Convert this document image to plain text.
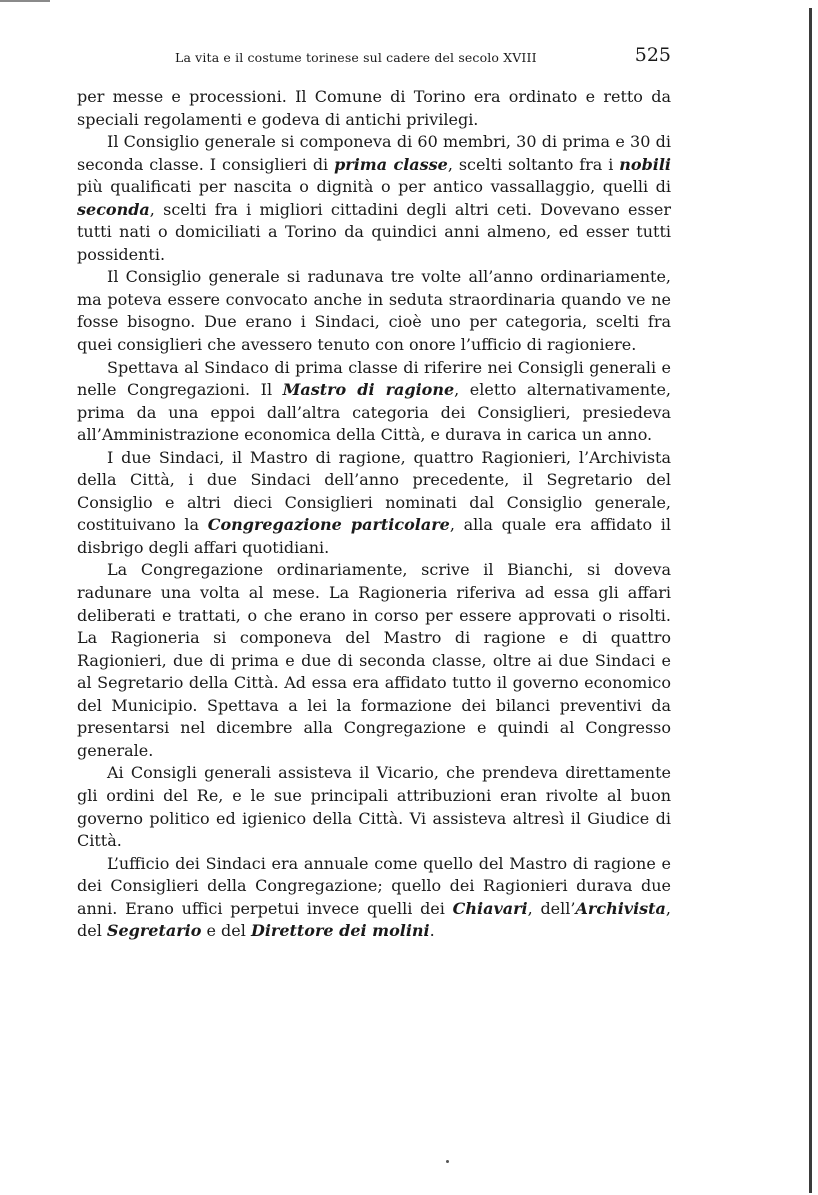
La vita e il costume torinese sul cadere del secolo XVIII	525

per messe e processioni. Il Comune di Torino era ordinato e retto da speciali regolamenti e godeva di antichi privilegi.

Il Consiglio generale si componeva di 60 membri, 30 di prima e 30 di seconda classe. I consiglieri di prima classe, scelti soltanto fra i nobili più qualificati per nascita o dignità o per antico vassallaggio, quelli di seconda, scelti fra i migliori cittadini degli altri ceti. Dovevano esser tutti nati o domiciliati a Torino da quindici anni almeno, ed esser tutti possidenti.

Il Consiglio generale si radunava tre volte all’anno ordinariamente, ma poteva essere convocato anche in seduta straordinaria quando ve ne fosse bisogno. Due erano i Sindaci, cioè uno per categoria, scelti fra quei consiglieri che avessero tenuto con onore l’ufficio di ragioniere.

Spettava al Sindaco di prima classe di riferire nei Consigli generali e nelle Congregazioni. Il Mastro di ragione, eletto alternativamente, prima da una eppoi dall’altra categoria dei Consiglieri, presiedeva all’Amministrazione economica della Città, e durava in carica un anno.

I due Sindaci, il Mastro di ragione, quattro Ragionieri, l’Archivista della Città, i due Sindaci dell’anno precedente, il Segretario del Consiglio e altri dieci Consiglieri nominati dal Consiglio generale, costituivano la Congregazione particolare, alla quale era affidato il disbrigo degli affari quotidiani.

La Congregazione ordinariamente, scrive il Bianchi, si doveva radunare una volta al mese. La Ragioneria riferiva ad essa gli affari deliberati e trattati, o che erano in corso per essere approvati o risolti. La Ragioneria si componeva del Mastro di ragione e di quattro Ragionieri, due di prima e due di seconda classe, oltre ai due Sindaci e al Segretario della Città. Ad essa era affidato tutto il governo economico del Municipio. Spettava a lei la formazione dei bilanci preventivi da presentarsi nel dicembre alla Congregazione e quindi al Congresso generale.

Ai Consigli generali assisteva il Vicario, che prendeva direttamente gli ordini del Re, e le sue principali attribuzioni eran rivolte al buon governo politico ed igienico della Città. Vi assisteva altresì il Giudice di Città.

L’ufficio dei Sindaci era annuale come quello del Mastro di ragione e dei Consiglieri della Congregazione; quello dei Ragionieri durava due anni. Erano uffici perpetui invece quelli dei Chiavari, dell’Archivista, del Segretario e del Direttore dei molini.
